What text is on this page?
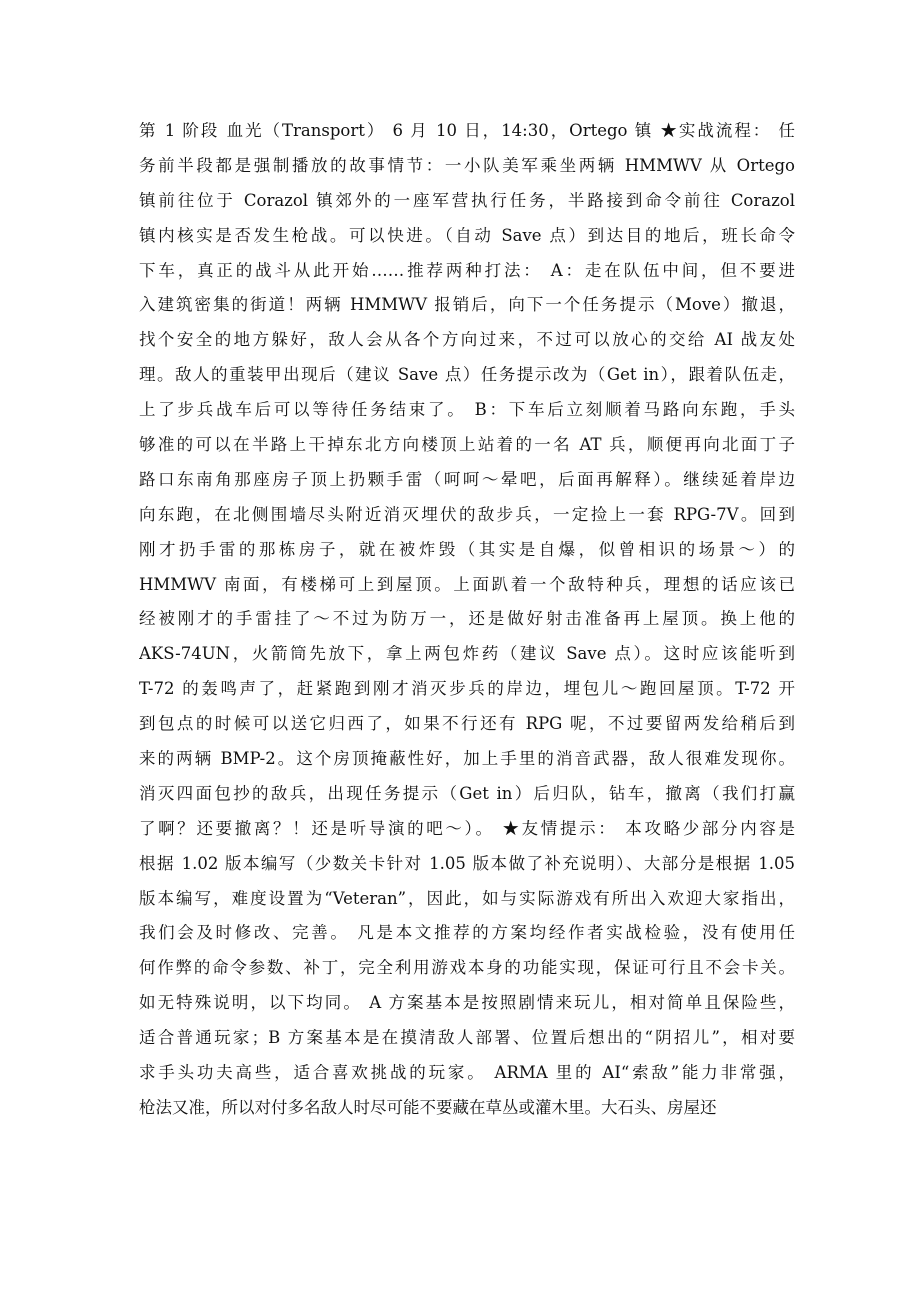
第 1 阶段 血光（Transport） 6 月 10 日，14:30，Ortego 镇 ★实战流程： 任
务前半段都是强制播放的故事情节：一小队美军乘坐两辆 HMMWV 从 Ortego
镇前往位于 Corazol 镇郊外的一座军营执行任务，半路接到命令前往 Corazol
镇内核实是否发生枪战。可以快进。（自动 Save 点）到达目的地后，班长命令
下车，真正的战斗从此开始……推荐两种打法： A：走在队伍中间，但不要进
入建筑密集的街道！两辆 HMMWV 报销后，向下一个任务提示（Move）撤退，
找个安全的地方躲好，敌人会从各个方向过来，不过可以放心的交给 AI 战友处
理。敌人的重装甲出现后（建议 Save 点）任务提示改为（Get in），跟着队伍走，
上了步兵战车后可以等待任务结束了。 B：下车后立刻顺着马路向东跑，手头
够准的可以在半路上干掉东北方向楼顶上站着的一名 AT 兵，顺便再向北面丁子
路口东南角那座房子顶上扔颗手雷（呵呵～晕吧，后面再解释）。继续延着岸边
向东跑，在北侧围墙尽头附近消灭埋伏的敌步兵，一定捡上一套 RPG-7V。回到
刚才扔手雷的那栋房子，就在被炸毁（其实是自爆，似曾相识的场景～）的
HMMWV 南面，有楼梯可上到屋顶。上面趴着一个敌特种兵，理想的话应该已
经被刚才的手雷挂了～不过为防万一，还是做好射击准备再上屋顶。换上他的
AKS-74UN，火箭筒先放下，拿上两包炸药（建议 Save 点）。这时应该能听到
T-72 的轰鸣声了，赶紧跑到刚才消灭步兵的岸边，埋包儿～跑回屋顶。T-72 开
到包点的时候可以送它归西了，如果不行还有 RPG 呢，不过要留两发给稍后到
来的两辆 BMP-2。这个房顶掩蔽性好，加上手里的消音武器，敌人很难发现你。
消灭四面包抄的敌兵，出现任务提示（Get in）后归队，钻车，撤离（我们打赢
了啊？还要撤离？！还是听导演的吧～）。 ★友情提示： 本攻略少部分内容是
根据 1.02 版本编写（少数关卡针对 1.05 版本做了补充说明）、大部分是根据 1.05
版本编写，难度设置为“Veteran”，因此，如与实际游戏有所出入欢迎大家指出，
我们会及时修改、完善。 凡是本文推荐的方案均经作者实战检验，没有使用任
何作弊的命令参数、补丁，完全利用游戏本身的功能实现，保证可行且不会卡关。
如无特殊说明，以下均同。 A 方案基本是按照剧情来玩儿，相对简单且保险些，
适合普通玩家；B 方案基本是在摸清敌人部署、位置后想出的“阴招儿”，相对要
求手头功夫高些，适合喜欢挑战的玩家。 ARMA 里的 AI“索敌”能力非常强，
枪法又准，所以对付多名敌人时尽可能不要藏在草丛或灌木里。大石头、房屋还
